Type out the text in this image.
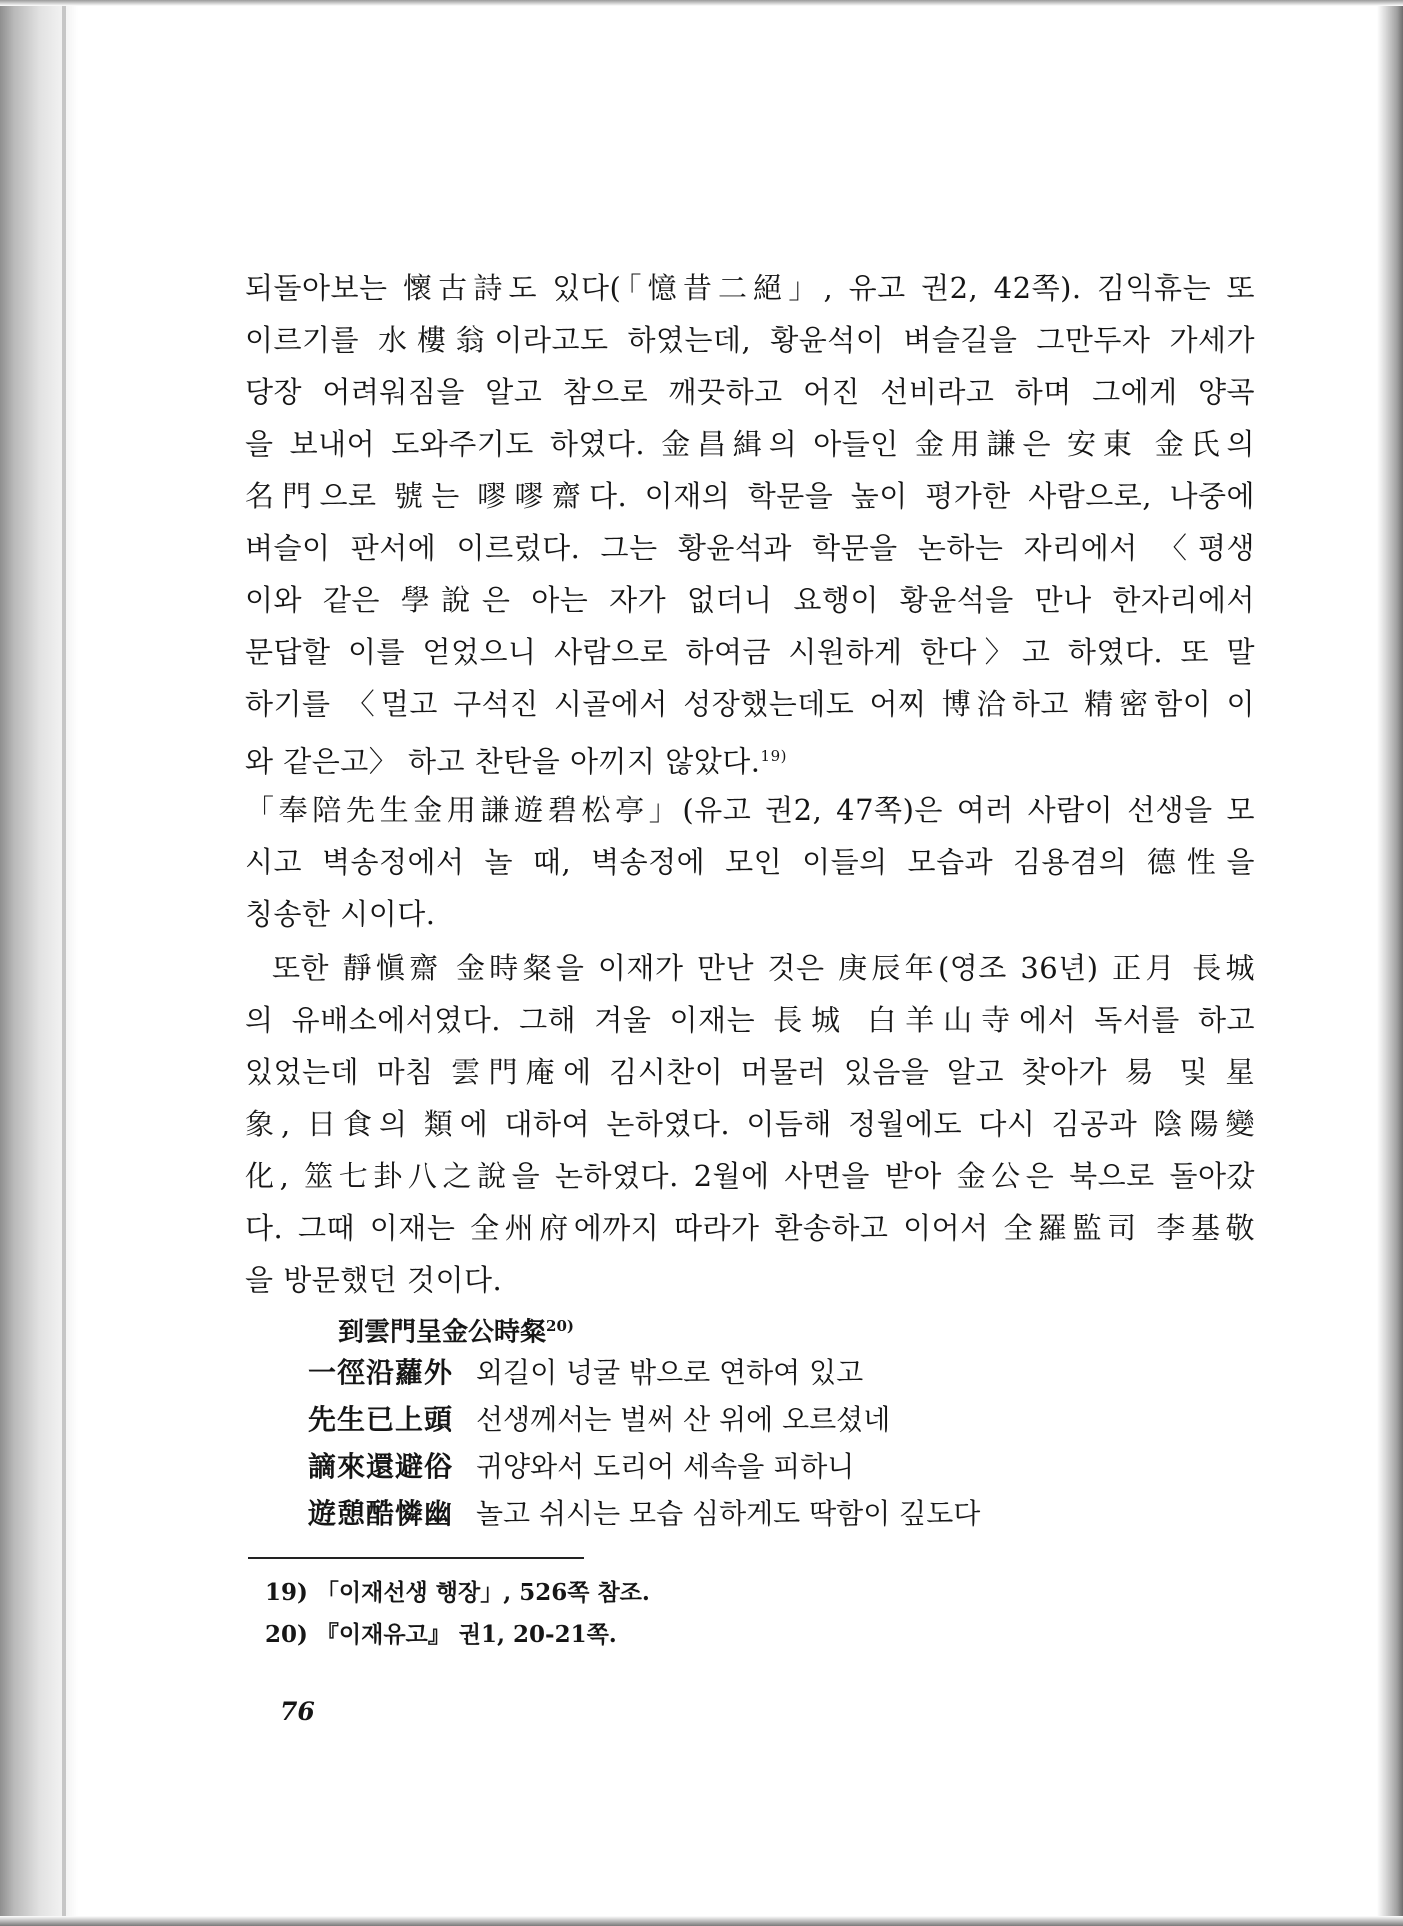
되돌아보는 懷古詩도 있다(「憶昔二絕」, 유고 권2, 42쪽). 김익휴는 또
이르기를 水樓翁이라고도 하였는데, 황윤석이 벼슬길을 그만두자 가세가
당장 어려워짐을 알고 참으로 깨끗하고 어진 선비라고 하며 그에게 양곡
을 보내어 도와주기도 하였다. 金昌緝의 아들인 金用謙은 安東 金氏의
名門으로 號는 嘐嘐齋다. 이재의 학문을 높이 평가한 사람으로, 나중에
벼슬이 판서에 이르렀다. 그는 황윤석과 학문을 논하는 자리에서 〈평생
이와 같은 學說은 아는 자가 없더니 요행이 황윤석을 만나 한자리에서
문답할 이를 얻었으니 사람으로 하여금 시원하게 한다〉고 하였다. 또 말
하기를 〈멀고 구석진 시골에서 성장했는데도 어찌 博洽하고 精密함이 이
와 같은고〉 하고 찬탄을 아끼지 않았다.$^{19)}$
「奉陪先生金用謙遊碧松亭」(유고 권2, 47쪽)은 여러 사람이 선생을 모
시고 벽송정에서 놀 때, 벽송정에 모인 이들의 모습과 김용겸의 德性을
칭송한 시이다.
또한 靜愼齋 金時粲을 이재가 만난 것은 庚辰年(영조 36년) 正月 長城
의 유배소에서였다. 그해 겨울 이재는 長城 白羊山寺에서 독서를 하고
있었는데 마침 雲門庵에 김시찬이 머물러 있음을 알고 찾아가 易 및 星
象, 日食의 類에 대하여 논하였다. 이듬해 정월에도 다시 김공과 陰陽變
化, 筮七卦八之說을 논하였다. 2월에 사면을 받아 金公은 북으로 돌아갔
다. 그때 이재는 全州府에까지 따라가 환송하고 이어서 全羅監司 李基敬
을 방문했던 것이다.
到雲門呈金公時粲$^{20)}$
一徑沿蘿外 외길이 넝굴 밖으로 연하여 있고
先生已上頭 선생께서는 벌써 산 위에 오르셨네
謫來還避俗 귀양와서 도리어 세속을 피하니
遊憩酷憐幽 놀고 쉬시는 모습 심하게도 딱함이 깊도다
19) 「이재선생 행장」, 526쪽 참조.
20) 『이재유고』 권1, 20-21쪽.
76
